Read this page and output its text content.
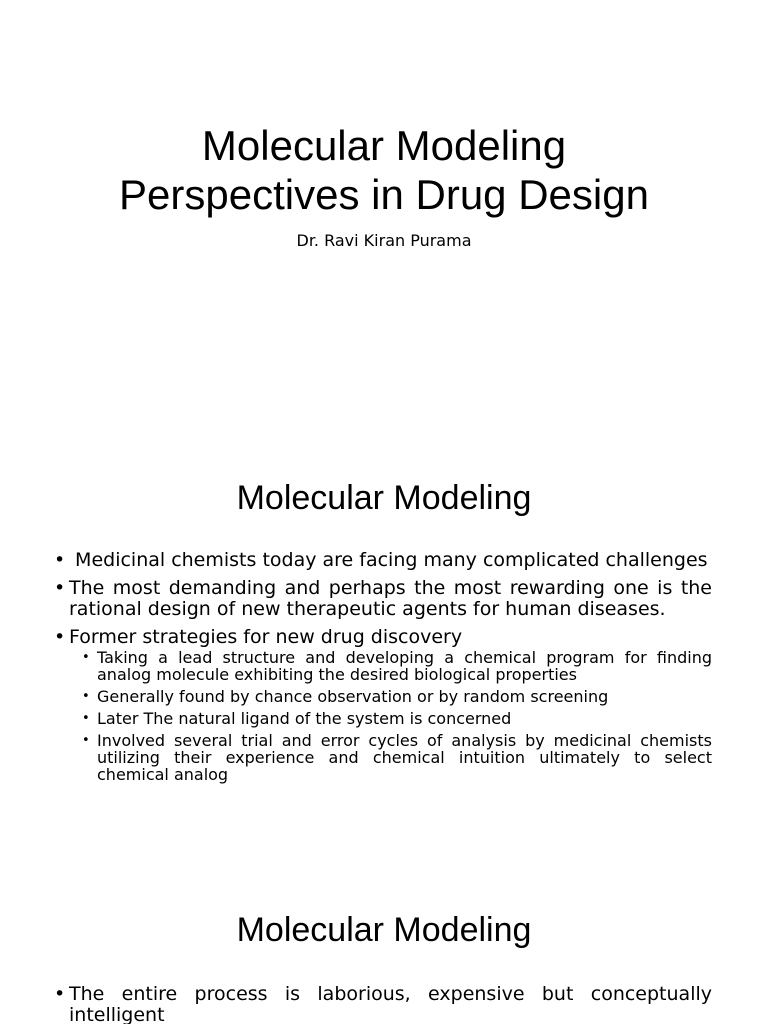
Molecular Modeling
Perspectives in Drug Design

Dr. Ravi Kiran Purama

Molecular Modeling
• Medicinal chemists today are facing many complicated challenges
• The most demanding and perhaps the most rewarding one is the rational design of new therapeutic agents for human diseases.
• Former strategies for new drug discovery
• Taking a lead structure and developing a chemical program for finding analog molecule exhibiting the desired biological properties
• Generally found by chance observation or by random screening
• Later The natural ligand of the system is concerned
• Involved several trial and error cycles of analysis by medicinal chemists utilizing their experience and chemical intuition ultimately to select chemical analog
Molecular Modeling
• The entire process is laborious, expensive but conceptually intelligent
